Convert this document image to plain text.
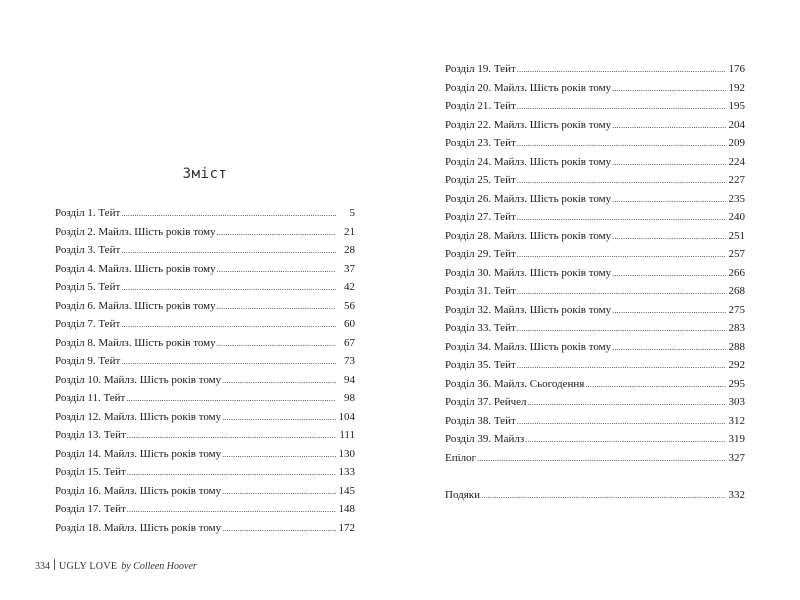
Зміст
Розділ 1. Тейт .....	5
Розділ 2. Майлз. Шість років тому .....	21
Розділ 3. Тейт .....	28
Розділ 4. Майлз. Шість років тому .....	37
Розділ 5. Тейт .....	42
Розділ 6. Майлз. Шість років тому .....	56
Розділ 7. Тейт .....	60
Розділ 8. Майлз. Шість років тому .....	67
Розділ 9. Тейт .....	73
Розділ 10. Майлз. Шість років тому .....	94
Розділ 11. Тейт .....	98
Розділ 12. Майлз. Шість років тому .....	104
Розділ 13. Тейт .....	111
Розділ 14. Майлз. Шість років тому .....	130
Розділ 15. Тейт .....	133
Розділ 16. Майлз. Шість років тому .....	145
Розділ 17. Тейт .....	148
Розділ 18. Майлз. Шість років тому .....	172
334 UGLY LOVE by Colleen Hoover
Розділ 19. Тейт .....	176
Розділ 20. Майлз. Шість років тому .....	192
Розділ 21. Тейт .....	195
Розділ 22. Майлз. Шість років тому .....	204
Розділ 23. Тейт .....	209
Розділ 24. Майлз. Шість років тому .....	224
Розділ 25. Тейт .....	227
Розділ 26. Майлз. Шість років тому .....	235
Розділ 27. Тейт .....	240
Розділ 28. Майлз. Шість років тому .....	251
Розділ 29. Тейт .....	257
Розділ 30. Майлз. Шість років тому .....	266
Розділ 31. Тейт .....	268
Розділ 32. Майлз. Шість років тому .....	275
Розділ 33. Тейт .....	283
Розділ 34. Майлз. Шість років тому .....	288
Розділ 35. Тейт .....	292
Розділ 36. Майлз. Сьогодення .....	295
Розділ 37. Рейчел .....	303
Розділ 38. Тейт .....	312
Розділ 39. Майлз .....	319
Епілог .....	327
Подяки .....	332
